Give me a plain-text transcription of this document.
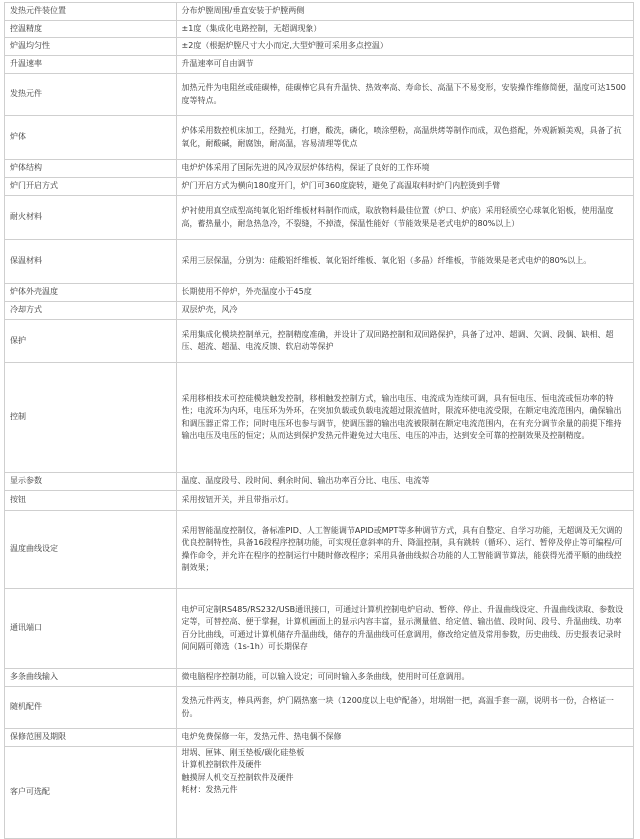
发热元件装位置	分布炉膛周围/垂直安装于炉膛两侧

控温精度	±1度（集成化电路控制，无超调现象）

炉温均匀性	±2度（根据炉膛尺寸大小而定,大型炉膛可采用多点控温）

升温速率	升温速率可自由调节

发热元件	加热元件为电阻丝或硅碳棒，硅碳棒它具有升温快、热效率高、寿命长、高温下不易变形，安装操作维修简便，温度可达1500度等特点。

炉体	炉体采用数控机床加工，经抛光，打磨，酸洗，磷化，喷涂塑粉，高温烘烤等制作而成，双色搭配，外观新颖美观，具备了抗氧化，耐酸碱，耐腐蚀，耐高温，容易清理等优点

炉体结构	电炉炉体采用了国际先进的风冷双层炉体结构，保证了良好的工作环境

炉门开启方式	炉门开启方式为横向180度开门，炉门可360度旋转，避免了高温取料时炉门内腔烫到手臂

耐火材料	炉衬使用真空成型高纯氧化铝纤维板材料制作而成，取放物料最佳位置（炉口、炉底）采用轻质空心球氧化铝板，使用温度高，蓄热量小，耐急热急冷，不裂缝，不掉渣，保温性能好（节能效果是老式电炉的80%以上）

保温材料	采用三层保温，分别为：硅酸铝纤维板、氧化铝纤维板、氧化铝（多晶）纤维板，节能效果是老式电炉的80%以上。

炉体外壳温度	长期使用不停炉，外壳温度小于45度

冷却方式	双层炉壳，风冷

保护	采用集成化模块控制单元，控制精度准确，并设计了双回路控制和双回路保护，具备了过冲、超调、欠调、段偶、缺相、超压、超流、超温、电流反馈、软启动等保护

控制	采用移相技术可控硅模块触发控制，移相触发控制方式，输出电压、电流成为连续可调，具有恒电压、恒电流或恒功率的特性；电流环为内环，电压环为外环，在突加负载或负载电流超过限流值时，限流环使电流受限，在额定电流范围内，确保输出和调压器正常工作；同时电压环也参与调节，使调压器的输出电流被限制在额定电流范围内，在有充分调节余量的前提下维持输出电压及电压的恒定；从而达到保护发热元件避免过大电压、电压的冲击，达到安全可靠的控制效果及控制精度。

显示参数	温度、温度段号、段时间、剩余时间、输出功率百分比、电压、电流等

按钮	采用按钮开关，并且带指示灯。

温度曲线设定	采用智能温度控制仪，备标准PID、人工智能调节APID或MPT等多种调节方式，具有自整定、自学习功能，无超调及无欠调的优良控制特性，具备16段程序控制功能，可实现任意斜率的升、降温控制，具有跳转（循环）、运行、暂停及停止等可编程/可操作命令，并允许在程序的控制运行中随时修改程序；采用具备曲线拟合功能的人工智能调节算法，能获得光滑平顺的曲线控制效果；

通讯端口	电炉可定制RS485/RS232/USB通讯接口，可通过计算机控制电炉启动、暂停、停止、升温曲线设定、升温曲线读取、参数设定等，可替控高、便于掌握，计算机画面上的显示内容丰富，显示测量值、给定值、输出值、段时间、段号、升温曲线、功率百分比曲线，可通过计算机储存升温曲线，储存的升温曲线可任意调用，修改给定值及常用参数，历史曲线、历史报表记录时间间隔可筛选（1s-1h）可长期保存

多条曲线输入	微电脑程序控制功能，可以输入设定；可同时输入多条曲线，使用时可任意调用。

随机配件	发热元件两支，棒具两套，炉门隔热塞一块（1200度以上电炉配备），坩埚钳一把，高温手套一副，说明书一份，合格证一份。

保修范围及期限	电炉免费保修一年，发热元件、热电偶不保修

客户可选配	坩埚、匣钵、刚玉垫板/碳化硅垫板
计算机控制软件及硬件
触摸屏人机交互控制软件及硬件
耗材：发热元件
